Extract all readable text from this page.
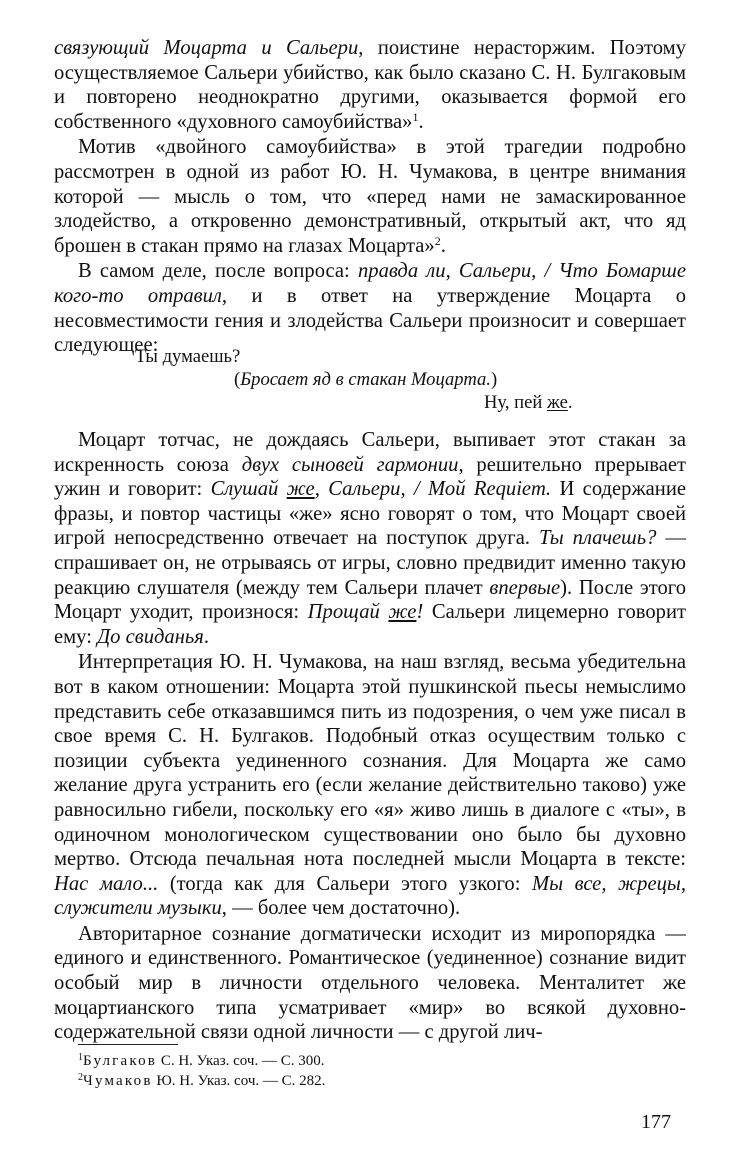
связующий Моцарта и Сальери, поистине нерасторжим. Поэтому осуществляемое Сальери убийство, как было сказано С. Н. Булгаковым и повторено неоднократно другими, оказывается формой его собственного «духовного самоубийства»$^1$.

Мотив «двойного самоубийства» в этой трагедии подробно рассмотрен в одной из работ Ю. Н. Чумакова, в центре внимания которой — мысль о том, что «перед нами не замаскированное злодейство, а откровенно демонстративный, открытый акт, что яд брошен в стакан прямо на глазах Моцарта»$^2$.

В самом деле, после вопроса: правда ли, Сальери, / Что Бомарше кого-то отравил, и в ответ на утверждение Моцарта о несовместимости гения и злодейства Сальери произносит и совершает следующее:

Ты думаешь?
(Бросает яд в стакан Моцарта.)
Ну, пей же.

Моцарт тотчас, не дождаясь Сальери, выпивает этот стакан за искренность союза двух сыновей гармонии, решительно прерывает ужин и говорит: Слушай же, Сальери, / Мой Requiem. И содержание фразы, и повтор частицы «же» ясно говорят о том, что Моцарт своей игрой непосредственно отвечает на поступок друга. Ты плачешь? — спрашивает он, не отрываясь от игры, словно предвидит именно такую реакцию слушателя (между тем Сальери плачет впервые). После этого Моцарт уходит, произнося: Прощай же! Сальери лицемерно говорит ему: До свиданья.

Интерпретация Ю. Н. Чумакова, на наш взгляд, весьма убедительна вот в каком отношении: Моцарта этой пушкинской пьесы немыслимо представить себе отказавшимся пить из подозрения, о чем уже писал в свое время С. Н. Булгаков. Подобный отказ осуществим только с позиции субъекта уединенного сознания. Для Моцарта же само желание друга устранить его (если желание действительно таково) уже равносильно гибели, поскольку его «я» живо лишь в диалоге с «ты», в одиночном монологическом существовании оно было бы духовно мертво. Отсюда печальная нота последней мысли Моцарта в тексте: Нас мало... (тогда как для Сальери этого узкого: Мы все, жрецы, служители музыки, — более чем достаточно).

Авторитарное сознание догматически исходит из миропорядка — единого и единственного. Романтическое (уединенное) сознание видит особый мир в личности отдельного человека. Менталитет же моцартианского типа усматривает «мир» во всякой духовно-содержательной связи одной личности — с другой лич-

$^1$Булгаков С. Н. Указ. соч. — С. 300.
$^2$Чумаков Ю. Н. Указ. соч. — С. 282.
177
